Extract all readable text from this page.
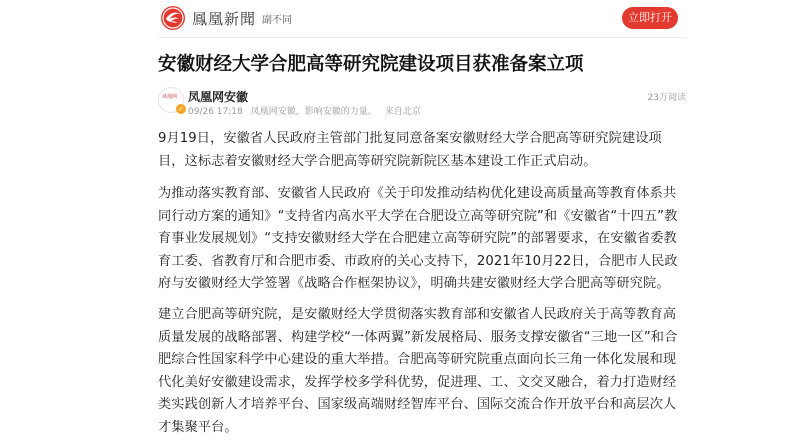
鳳凰新聞 副不同	立即打开
安徽财经大学合肥高等研究院建设项目获准备案立项
凤凰网
✓
凤凰网安徽
09/26 17:18 凤凰网安徽，影响安徽的力量。 来自北京
23万阅读

9月19日，安徽省人民政府主管部门批复同意备案安徽财经大学合肥高等研究院建设项目，这标志着安徽财经大学合肥高等研究院新院区基本建设工作正式启动。

为推动落实教育部、安徽省人民政府《关于印发推动结构优化建设高质量高等教育体系共同行动方案的通知》“支持省内高水平大学在合肥设立高等研究院”和《安徽省“十四五”教育事业发展规划》“支持安徽财经大学在合肥建立高等研究院”的部署要求，在安徽省委教育工委、省教育厅和合肥市委、市政府的关心支持下，2021年10月22日，合肥市人民政府与安徽财经大学签署《战略合作框架协议》，明确共建安徽财经大学合肥高等研究院。

建立合肥高等研究院，是安徽财经大学贯彻落实教育部和安徽省人民政府关于高等教育高质量发展的战略部署、构建学校“一体两翼”新发展格局、服务支撑安徽省“三地一区”和合肥综合性国家科学中心建设的重大举措。合肥高等研究院重点面向长三角一体化发展和现代化美好安徽建设需求，发挥学校多学科优势，促进理、工、文交叉融合，着力打造财经类实践创新人才培养平台、国家级高端财经智库平台、国际交流合作开放平台和高层次人才集聚平台。
